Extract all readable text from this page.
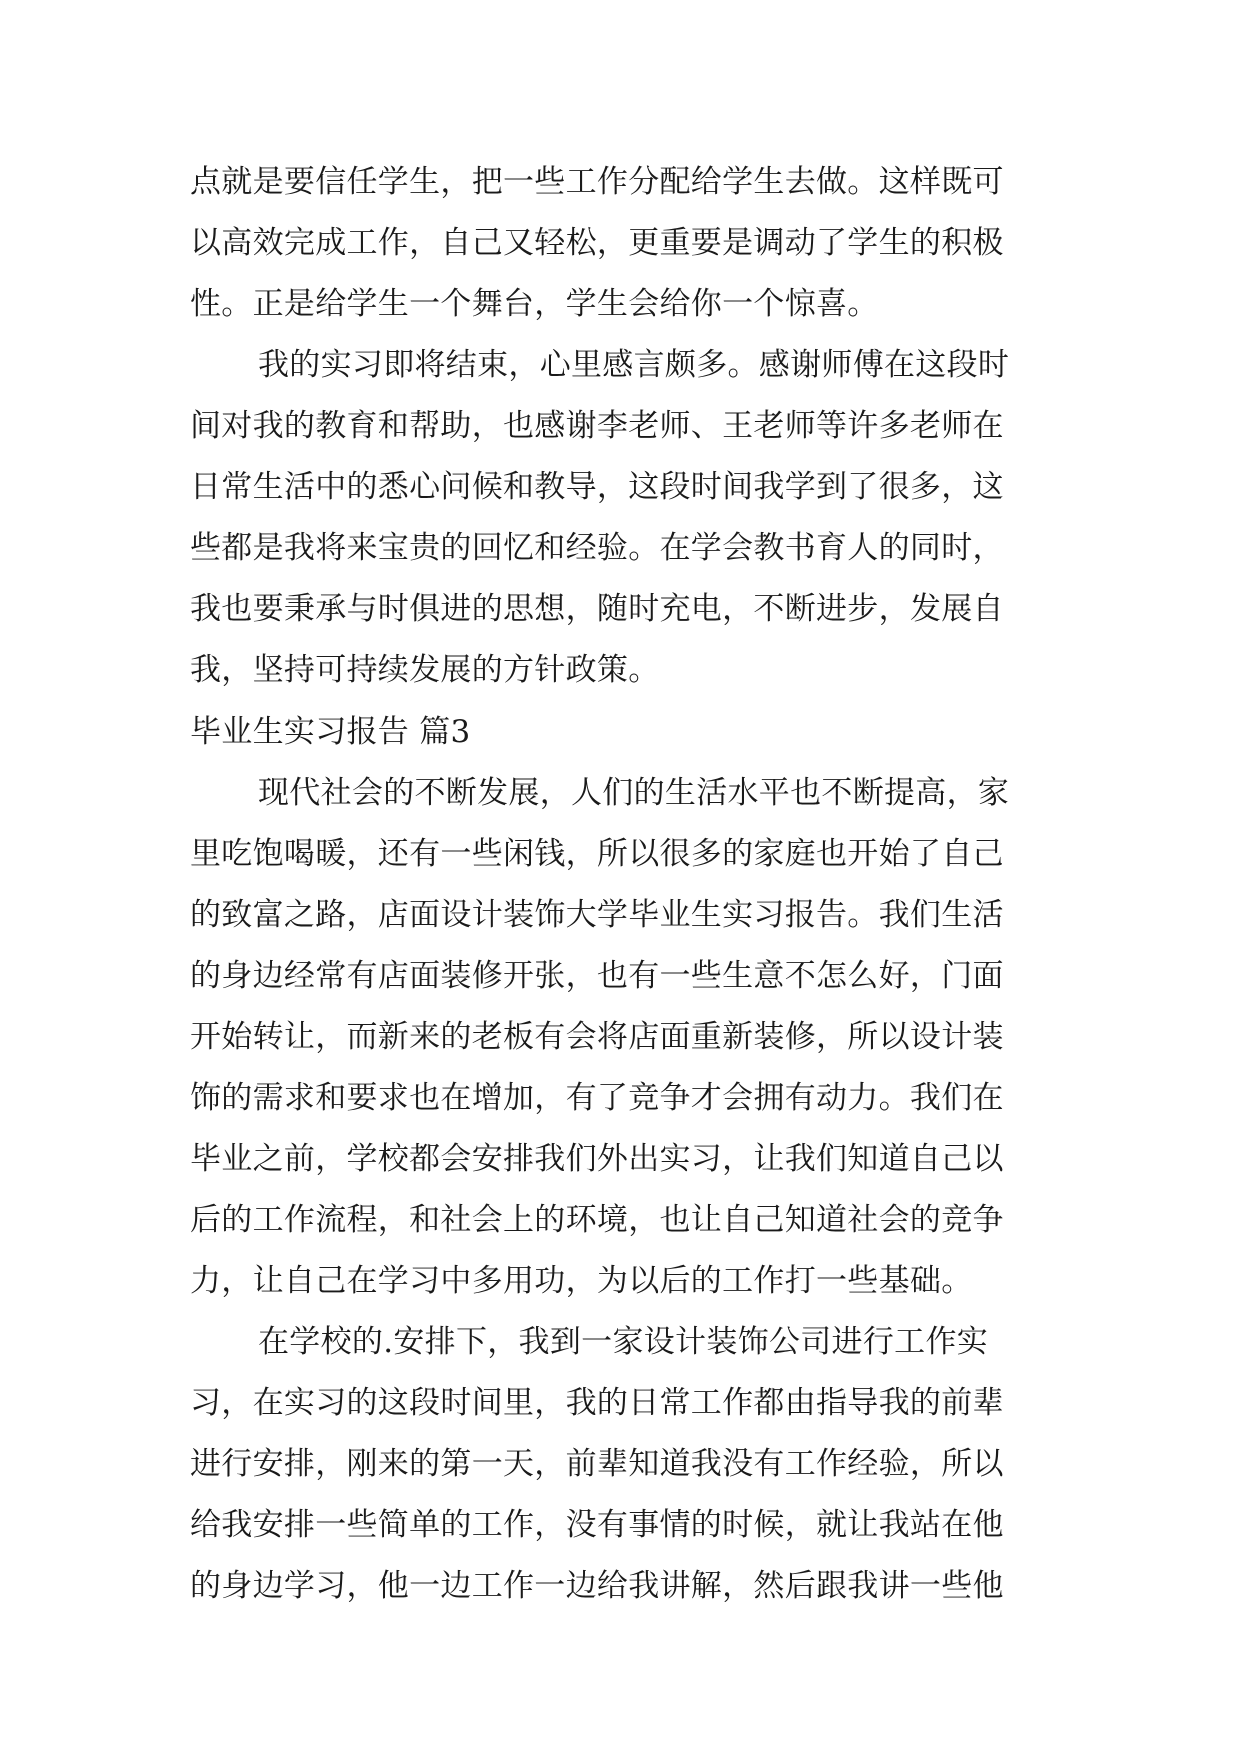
点就是要信任学生，把一些工作分配给学生去做。这样既可
以高效完成工作，自己又轻松，更重要是调动了学生的积极
性。正是给学生一个舞台，学生会给你一个惊喜。
我的实习即将结束，心里感言颇多。感谢师傅在这段时
间对我的教育和帮助，也感谢李老师、王老师等许多老师在
日常生活中的悉心问候和教导，这段时间我学到了很多，这
些都是我将来宝贵的回忆和经验。在学会教书育人的同时，
我也要秉承与时俱进的思想，随时充电，不断进步，发展自
我，坚持可持续发展的方针政策。
毕业生实习报告 篇3
现代社会的不断发展，人们的生活水平也不断提高，家
里吃饱喝暖，还有一些闲钱，所以很多的家庭也开始了自己
的致富之路，店面设计装饰大学毕业生实习报告。我们生活
的身边经常有店面装修开张，也有一些生意不怎么好，门面
开始转让，而新来的老板有会将店面重新装修，所以设计装
饰的需求和要求也在增加，有了竞争才会拥有动力。我们在
毕业之前，学校都会安排我们外出实习，让我们知道自己以
后的工作流程，和社会上的环境，也让自己知道社会的竞争
力，让自己在学习中多用功，为以后的工作打一些基础。
在学校的.安排下，我到一家设计装饰公司进行工作实
习，在实习的这段时间里，我的日常工作都由指导我的前辈
进行安排，刚来的第一天，前辈知道我没有工作经验，所以
给我安排一些简单的工作，没有事情的时候，就让我站在他
的身边学习，他一边工作一边给我讲解，然后跟我讲一些他
